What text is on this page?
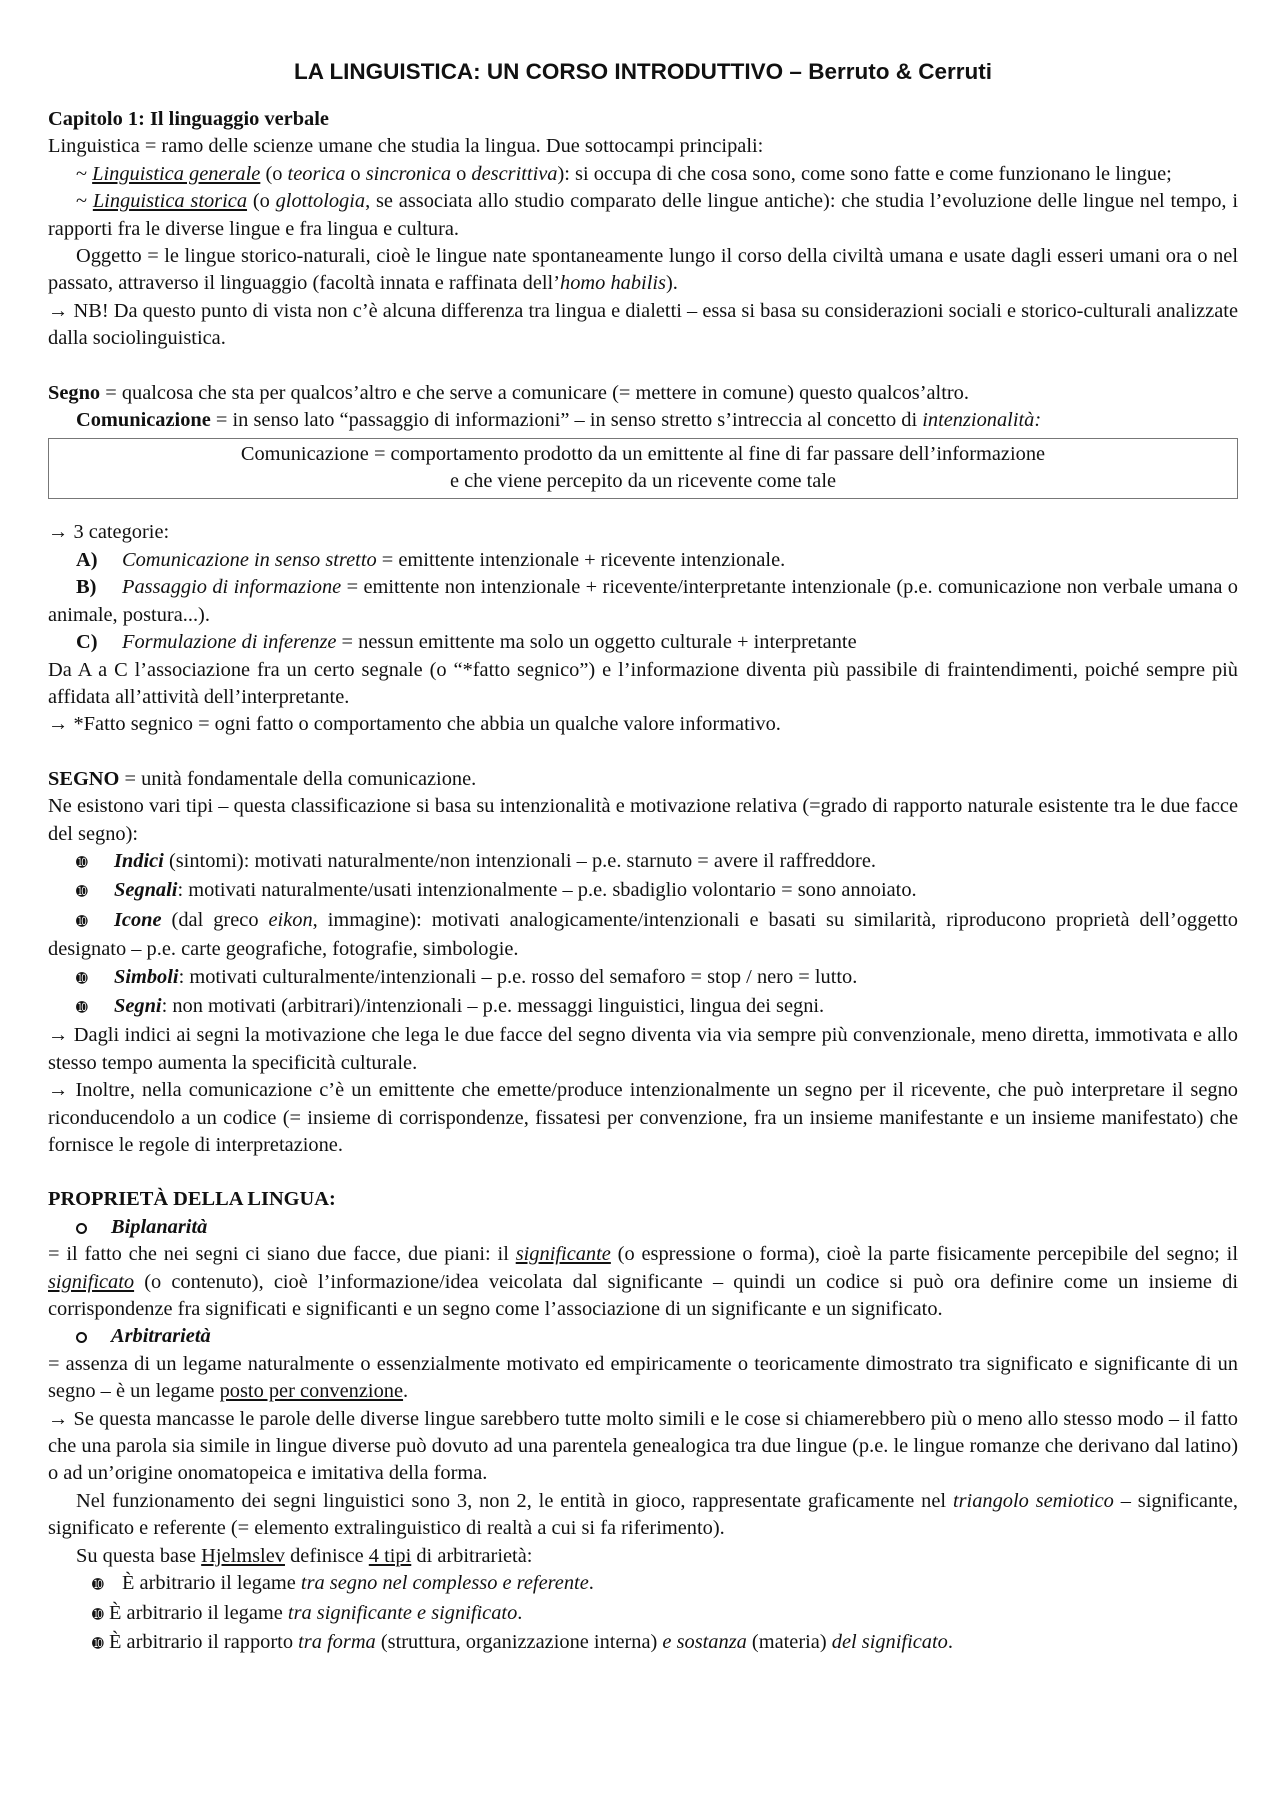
LA LINGUISTICA: UN CORSO INTRODUTTIVO – Berruto & Cerruti

Capitolo 1: Il linguaggio verbale

Linguistica = ramo delle scienze umane che studia la lingua. Due sottocampi principali:

~ Linguistica generale (o teorica o sincronica o descrittiva): si occupa di che cosa sono, come sono fatte e come funzionano le lingue;

~ Linguistica storica (o glottologia, se associata allo studio comparato delle lingue antiche): che studia l’evoluzione delle lingue nel tempo, i rapporti fra le diverse lingue e fra lingua e cultura.

Oggetto = le lingue storico-naturali, cioè le lingue nate spontaneamente lungo il corso della civiltà umana e usate dagli esseri umani ora o nel passato, attraverso il linguaggio (facoltà innata e raffinata dell’homo habilis).

→ NB! Da questo punto di vista non c’è alcuna differenza tra lingua e dialetti – essa si basa su considerazioni sociali e storico-culturali analizzate dalla sociolinguistica.

Segno = qualcosa che sta per qualcos’altro e che serve a comunicare (= mettere in comune) questo qualcos’altro.

Comunicazione = in senso lato “passaggio di informazioni” – in senso stretto s’intreccia al concetto di intenzionalità:

Comunicazione = comportamento prodotto da un emittente al fine di far passare dell’informazione
e che viene percepito da un ricevente come tale

→ 3 categorie:

A) Comunicazione in senso stretto = emittente intenzionale + ricevente intenzionale.

B) Passaggio di informazione = emittente non intenzionale + ricevente/interpretante intenzionale (p.e. comunicazione non verbale umana o animale, postura...).

C) Formulazione di inferenze = nessun emittente ma solo un oggetto culturale + interpretante

Da A a C l’associazione fra un certo segnale (o “*fatto segnico”) e l’informazione diventa più passibile di fraintendimenti, poiché sempre più affidata all’attività dell’interpretante.

→ *Fatto segnico = ogni fatto o comportamento che abbia un qualche valore informativo.

SEGNO = unità fondamentale della comunicazione.

Ne esistono vari tipi – questa classificazione si basa su intenzionalità e motivazione relativa (=grado di rapporto naturale esistente tra le due facce del segno):

➓ Indici (sintomi): motivati naturalmente/non intenzionali – p.e. starnuto = avere il raffreddore.

➓ Segnali: motivati naturalmente/usati intenzionalmente – p.e. sbadiglio volontario = sono annoiato.

➓ Icone (dal greco eikon, immagine): motivati analogicamente/intenzionali e basati su similarità, riproducono proprietà dell’oggetto designato – p.e. carte geografiche, fotografie, simbologie.

➓ Simboli: motivati culturalmente/intenzionali – p.e. rosso del semaforo = stop / nero = lutto.

➓ Segni: non motivati (arbitrari)/intenzionali – p.e. messaggi linguistici, lingua dei segni.

→ Dagli indici ai segni la motivazione che lega le due facce del segno diventa via via sempre più convenzionale, meno diretta, immotivata e allo stesso tempo aumenta la specificità culturale.

→ Inoltre, nella comunicazione c’è un emittente che emette/produce intenzionalmente un segno per il ricevente, che può interpretare il segno riconducendolo a un codice (= insieme di corrispondenze, fissatesi per convenzione, fra un insieme manifestante e un insieme manifestato) che fornisce le regole di interpretazione.

PROPRIETÀ DELLA LINGUA:

Biplanarità

= il fatto che nei segni ci siano due facce, due piani: il significante (o espressione o forma), cioè la parte fisicamente percepibile del segno; il significato (o contenuto), cioè l’informazione/idea veicolata dal significante – quindi un codice si può ora definire come un insieme di corrispondenze fra significati e significanti e un segno come l’associazione di un significante e un significato.

Arbitrarietà

= assenza di un legame naturalmente o essenzialmente motivato ed empiricamente o teoricamente dimostrato tra significato e significante di un segno – è un legame posto per convenzione.

→ Se questa mancasse le parole delle diverse lingue sarebbero tutte molto simili e le cose si chiamerebbero più o meno allo stesso modo – il fatto che una parola sia simile in lingue diverse può dovuto ad una parentela genealogica tra due lingue (p.e. le lingue romanze che derivano dal latino) o ad un’origine onomatopeica e imitativa della forma.

Nel funzionamento dei segni linguistici sono 3, non 2, le entità in gioco, rappresentate graficamente nel triangolo semiotico – significante, significato e referente (= elemento extralinguistico di realtà a cui si fa riferimento).

Su questa base Hjelmslev definisce 4 tipi di arbitrarietà:

➓ È arbitrario il legame tra segno nel complesso e referente.

➓ È arbitrario il legame tra significante e significato.

➓ È arbitrario il rapporto tra forma (struttura, organizzazione interna) e sostanza (materia) del significato.
